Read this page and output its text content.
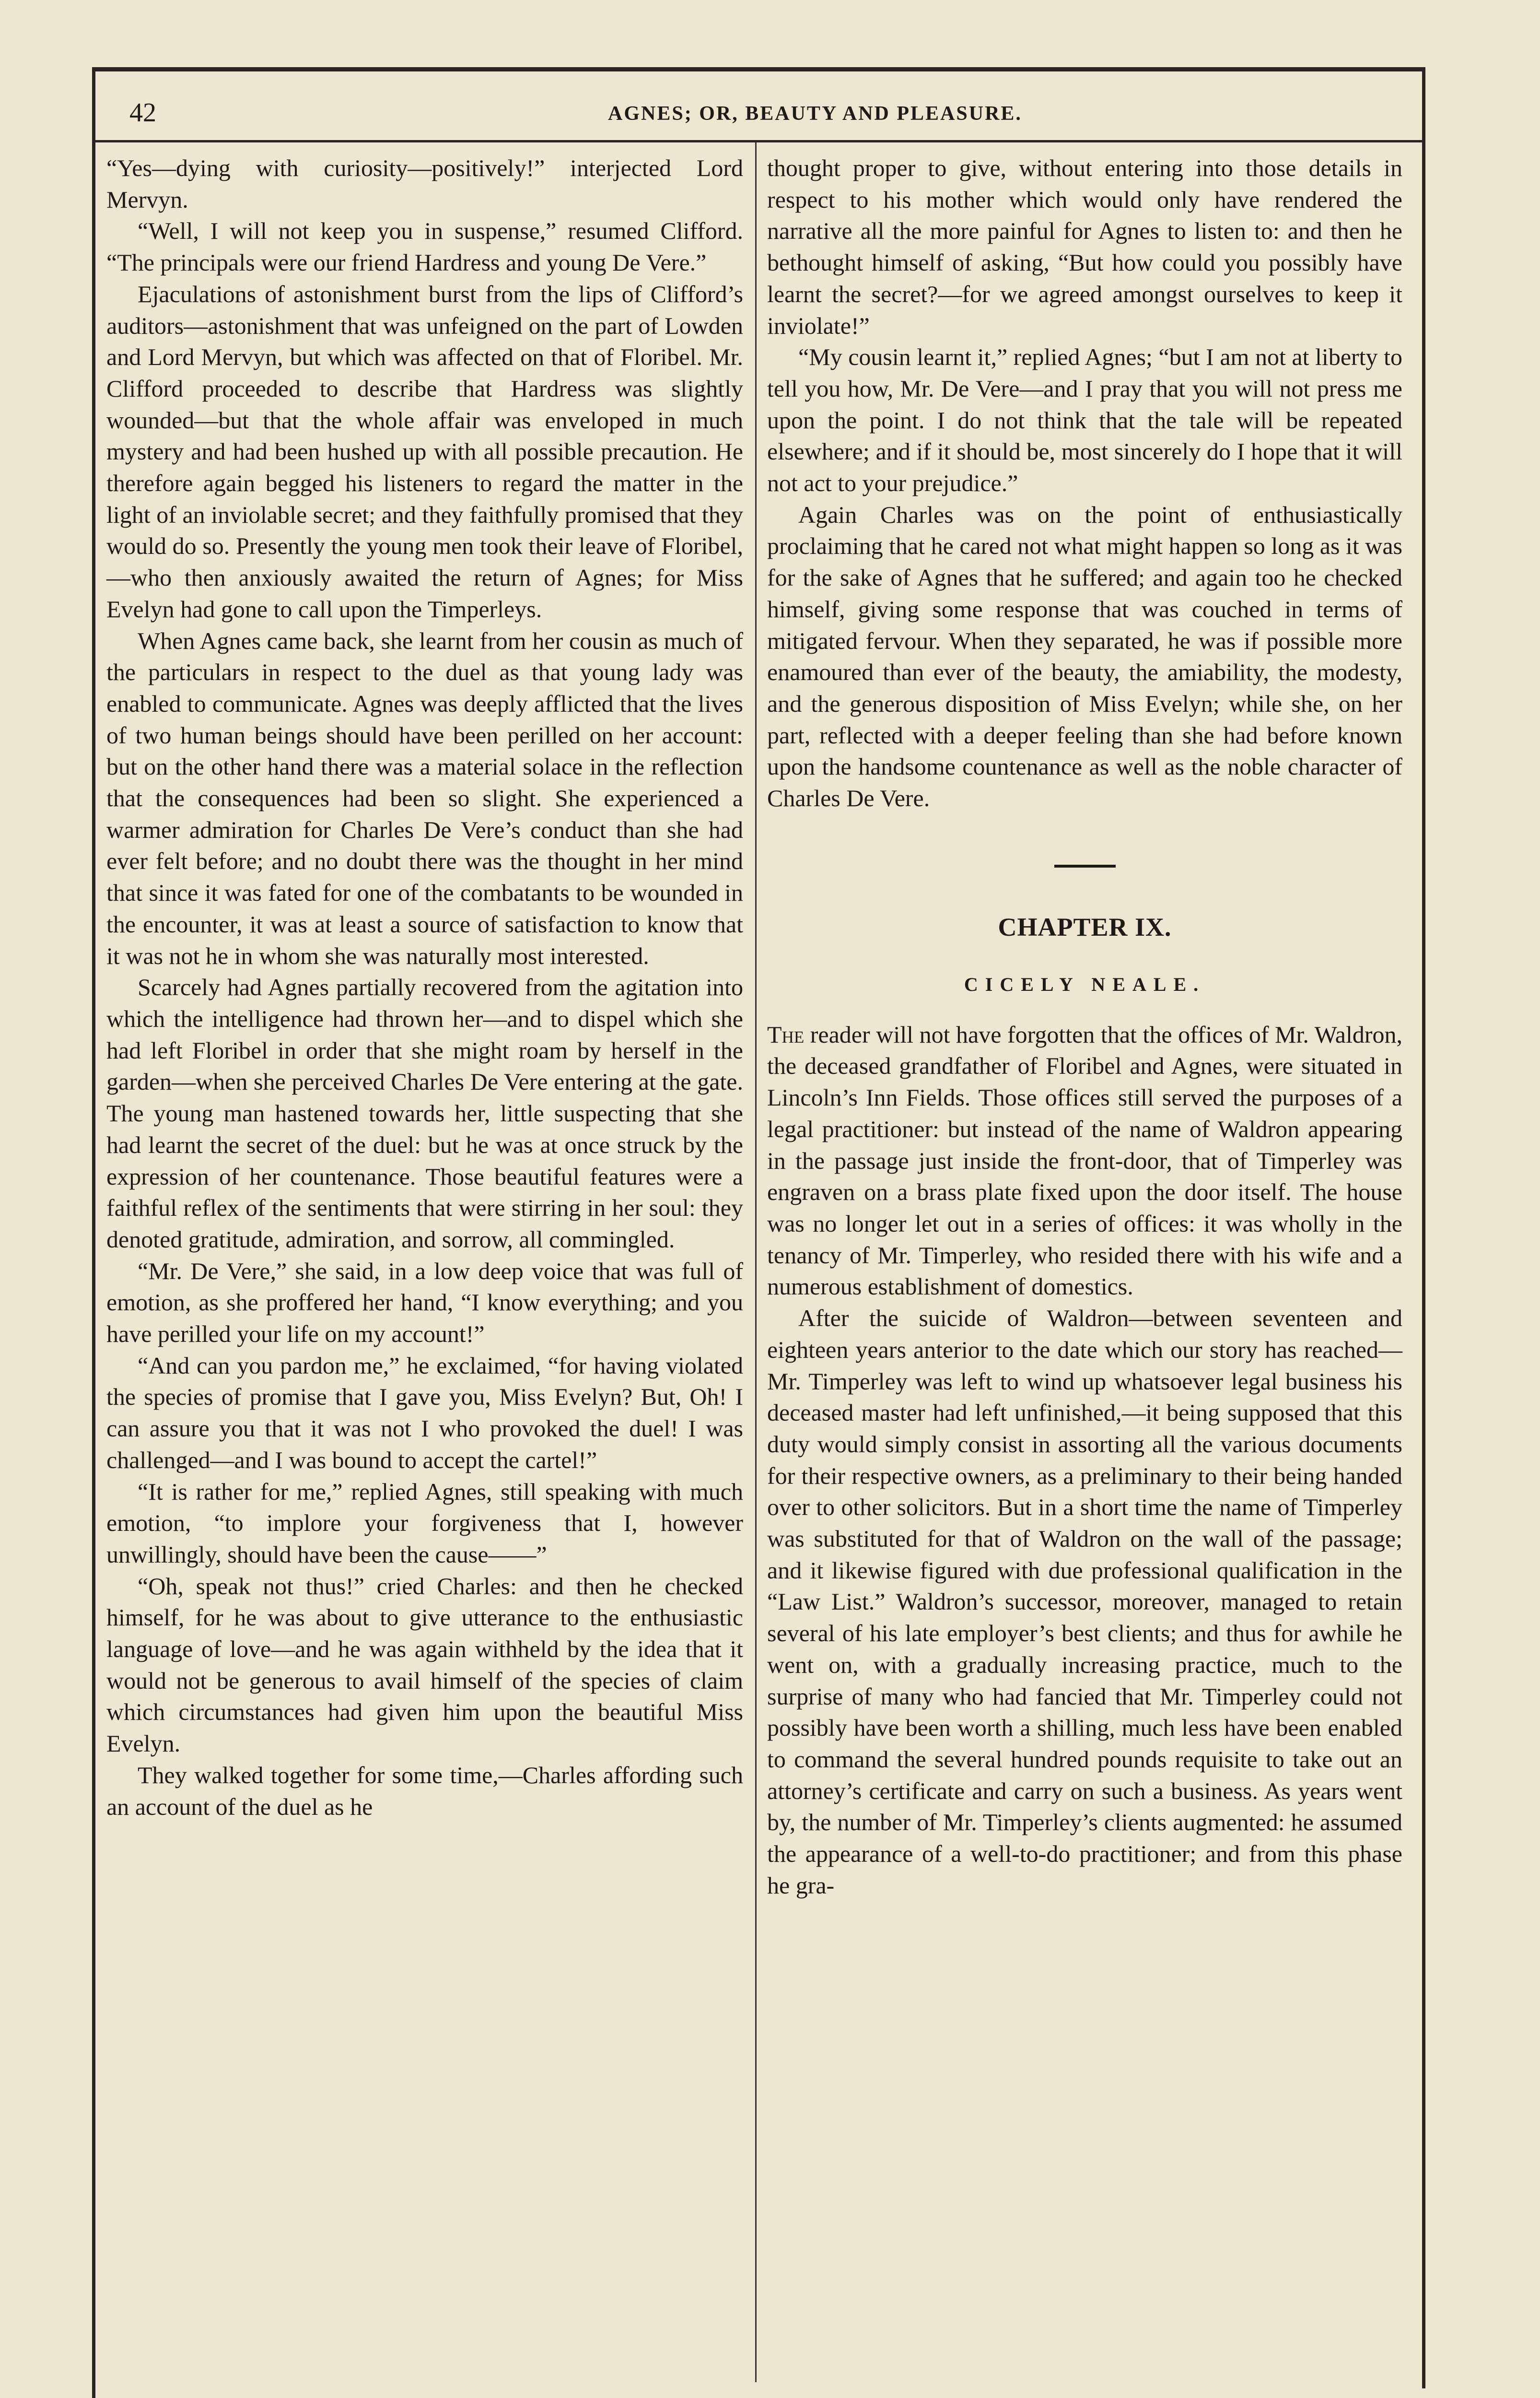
42	AGNES; OR, BEAUTY AND PLEASURE.

“Yes—dying with curiosity—positively!” interjected Lord Mervyn.

“Well, I will not keep you in suspense,” resumed Clifford. “The principals were our friend Hardress and young De Vere.”

Ejaculations of astonishment burst from the lips of Clifford’s auditors—astonishment that was unfeigned on the part of Lowden and Lord Mervyn, but which was affected on that of Floribel. Mr. Clifford proceeded to describe that Hardress was slightly wounded—but that the whole affair was enveloped in much mystery and had been hushed up with all possible precaution. He therefore again begged his listeners to regard the matter in the light of an inviolable secret; and they faithfully promised that they would do so. Presently the young men took their leave of Floribel,—who then anxiously awaited the return of Agnes; for Miss Evelyn had gone to call upon the Timperleys.

When Agnes came back, she learnt from her cousin as much of the particulars in respect to the duel as that young lady was enabled to communicate. Agnes was deeply afflicted that the lives of two human beings should have been perilled on her account: but on the other hand there was a material solace in the reflection that the consequences had been so slight. She experienced a warmer admiration for Charles De Vere’s conduct than she had ever felt before; and no doubt there was the thought in her mind that since it was fated for one of the combatants to be wounded in the encounter, it was at least a source of satisfaction to know that it was not he in whom she was naturally most interested.

Scarcely had Agnes partially recovered from the agitation into which the intelligence had thrown her—and to dispel which she had left Floribel in order that she might roam by herself in the garden—when she perceived Charles De Vere entering at the gate. The young man hastened towards her, little suspecting that she had learnt the secret of the duel: but he was at once struck by the expression of her countenance. Those beautiful features were a faithful reflex of the sentiments that were stirring in her soul: they denoted gratitude, admiration, and sorrow, all commingled.

“Mr. De Vere,” she said, in a low deep voice that was full of emotion, as she proffered her hand, “I know everything; and you have perilled your life on my account!”

“And can you pardon me,” he exclaimed, “for having violated the species of promise that I gave you, Miss Evelyn? But, Oh! I can assure you that it was not I who provoked the duel! I was challenged—and I was bound to accept the cartel!”

“It is rather for me,” replied Agnes, still speaking with much emotion, “to implore your forgiveness that I, however unwillingly, should have been the cause——”

“Oh, speak not thus!” cried Charles: and then he checked himself, for he was about to give utterance to the enthusiastic language of love—and he was again withheld by the idea that it would not be generous to avail himself of the species of claim which circumstances had given him upon the beautiful Miss Evelyn.

They walked together for some time,—Charles affording such an account of the duel as he

thought proper to give, without entering into those details in respect to his mother which would only have rendered the narrative all the more painful for Agnes to listen to: and then he bethought himself of asking, “But how could you possibly have learnt the secret?—for we agreed amongst ourselves to keep it inviolate!”

“My cousin learnt it,” replied Agnes; “but I am not at liberty to tell you how, Mr. De Vere—and I pray that you will not press me upon the point. I do not think that the tale will be repeated elsewhere; and if it should be, most sincerely do I hope that it will not act to your prejudice.”

Again Charles was on the point of enthusiastically proclaiming that he cared not what might happen so long as it was for the sake of Agnes that he suffered; and again too he checked himself, giving some response that was couched in terms of mitigated fervour. When they separated, he was if possible more enamoured than ever of the beauty, the amiability, the modesty, and the generous disposition of Miss Evelyn; while she, on her part, reflected with a deeper feeling than she had before known upon the handsome countenance as well as the noble character of Charles De Vere.

CHAPTER IX.
CICELY NEALE.

The reader will not have forgotten that the offices of Mr. Waldron, the deceased grandfather of Floribel and Agnes, were situated in Lincoln’s Inn Fields. Those offices still served the purposes of a legal practitioner: but instead of the name of Waldron appearing in the passage just inside the front-door, that of Timperley was engraven on a brass plate fixed upon the door itself. The house was no longer let out in a series of offices: it was wholly in the tenancy of Mr. Timperley, who resided there with his wife and a numerous establishment of domestics.

After the suicide of Waldron—between seventeen and eighteen years anterior to the date which our story has reached—Mr. Timperley was left to wind up whatsoever legal business his deceased master had left unfinished,—it being supposed that this duty would simply consist in assorting all the various documents for their respective owners, as a preliminary to their being handed over to other solicitors. But in a short time the name of Timperley was substituted for that of Waldron on the wall of the passage; and it likewise figured with due professional qualification in the “Law List.” Waldron’s successor, moreover, managed to retain several of his late employer’s best clients; and thus for awhile he went on, with a gradually increasing practice, much to the surprise of many who had fancied that Mr. Timperley could not possibly have been worth a shilling, much less have been enabled to command the several hundred pounds requisite to take out an attorney’s certificate and carry on such a business. As years went by, the number of Mr. Timperley’s clients augmented: he assumed the appearance of a well-to-do practitioner; and from this phase he gra-
